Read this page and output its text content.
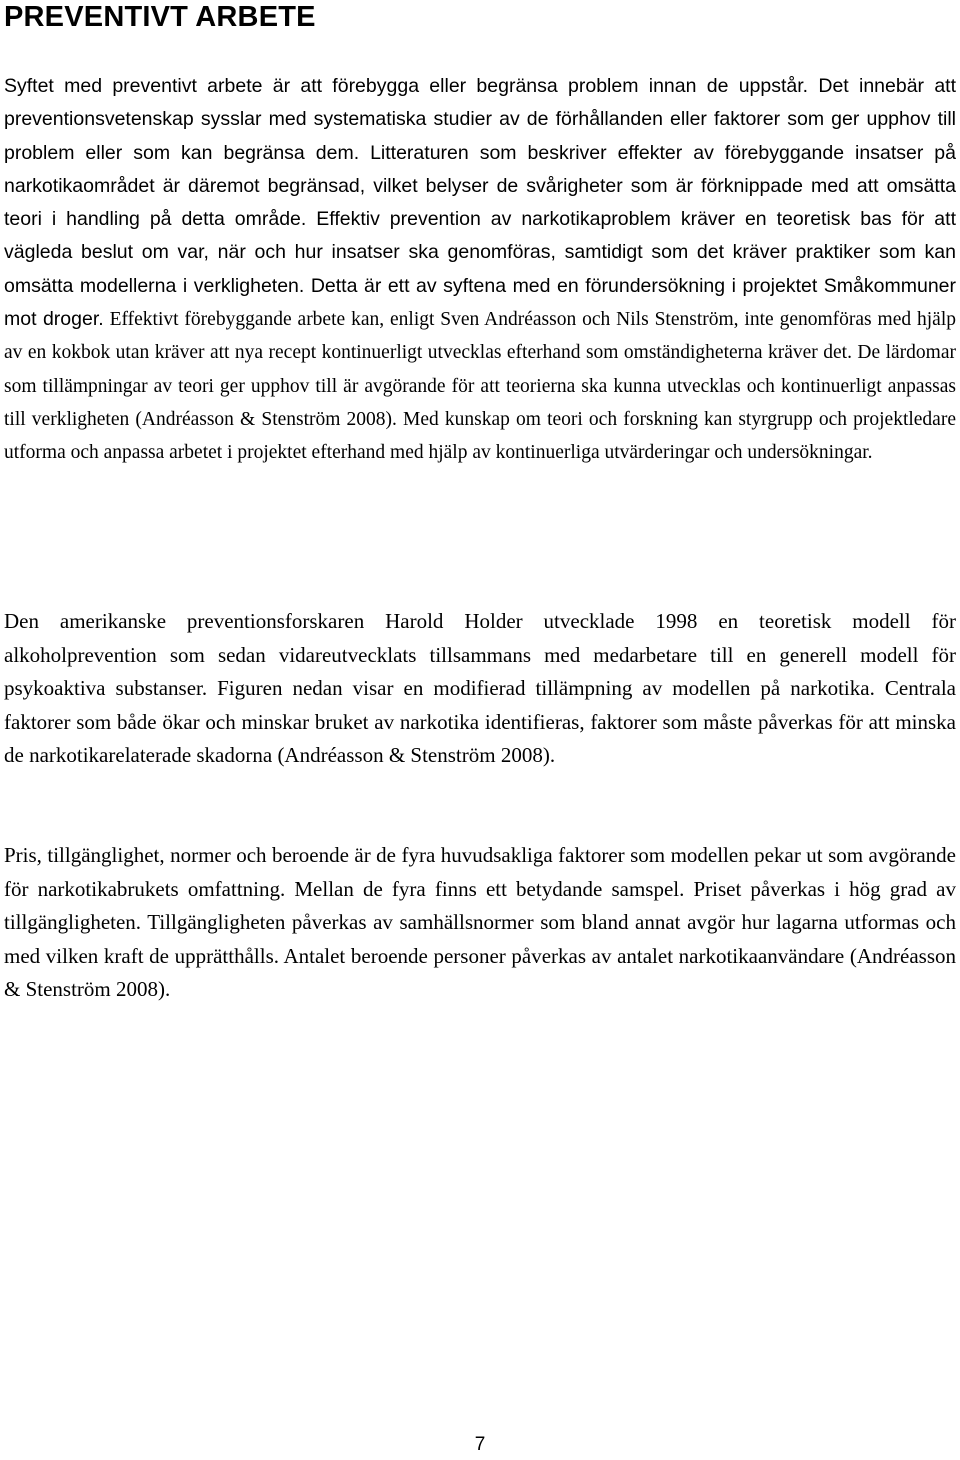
PREVENTIVT ARBETE

Syftet med preventivt arbete är att förebygga eller begränsa problem innan de uppstår. Det innebär att preventionsvetenskap sysslar med systematiska studier av de förhållanden eller faktorer som ger upphov till problem eller som kan begränsa dem. Litteraturen som beskriver effekter av förebyggande insatser på narkotikaområdet är däremot begränsad, vilket belyser de svårigheter som är förknippade med att omsätta teori i handling på detta område. Effektiv prevention av narkotikaproblem kräver en teoretisk bas för att vägleda beslut om var, när och hur insatser ska genomföras, samtidigt som det kräver praktiker som kan omsätta modellerna i verkligheten. Detta är ett av syftena med en förundersökning i projektet Småkommuner mot droger. Effektivt förebyggande arbete kan, enligt Sven Andréasson och Nils Stenström, inte genomföras med hjälp av en kokbok utan kräver att nya recept kontinuerligt utvecklas efterhand som omständigheterna kräver det. De lärdomar som tillämpningar av teori ger upphov till är avgörande för att teorierna ska kunna utvecklas och kontinuerligt anpassas till verkligheten (Andréasson & Stenström 2008). Med kunskap om teori och forskning kan styrgrupp och projektledare utforma och anpassa arbetet i projektet efterhand med hjälp av kontinuerliga utvärderingar och undersökningar.

Den amerikanske preventionsforskaren Harold Holder utvecklade 1998 en teoretisk modell för alkoholprevention som sedan vidareutvecklats tillsammans med medarbetare till en generell modell för psykoaktiva substanser. Figuren nedan visar en modifierad tillämpning av modellen på narkotika. Centrala faktorer som både ökar och minskar bruket av narkotika identifieras, faktorer som måste påverkas för att minska de narkotikarelaterade skadorna (Andréasson & Stenström 2008).

Pris, tillgänglighet, normer och beroende är de fyra huvudsakliga faktorer som modellen pekar ut som avgörande för narkotikabrukets omfattning. Mellan de fyra finns ett betydande samspel. Priset påverkas i hög grad av tillgängligheten. Tillgängligheten påverkas av samhällsnormer som bland annat avgör hur lagarna utformas och med vilken kraft de upprätthålls. Antalet beroende personer påverkas av antalet narkotikaanvändare (Andréasson & Stenström 2008).

7
